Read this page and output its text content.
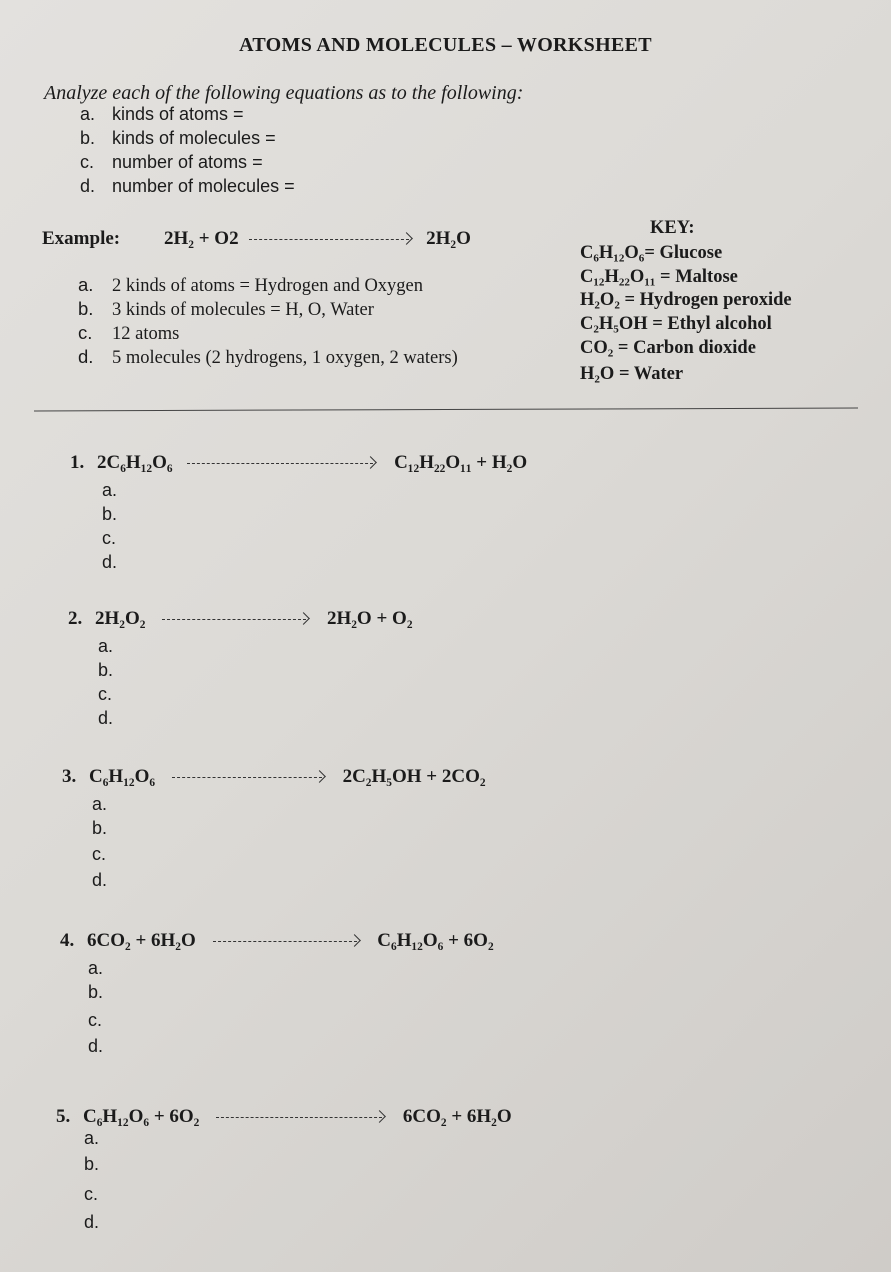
ATOMS AND MOLECULES – WORKSHEET
Analyze each of the following equations as to the following:
a. kinds of atoms =
b. kinds of molecules =
c. number of atoms =
d. number of molecules =
Example: 2H₂ + O2	2H₂O
a. 2 kinds of atoms = Hydrogen and Oxygen
b. 3 kinds of molecules = H, O, Water
c. 12 atoms
d. 5 molecules (2 hydrogens, 1 oxygen, 2 waters)
KEY:
C₆H₁₂O₆= Glucose
C₁₂H₂₂O₁₁ = Maltose
H₂O₂ = Hydrogen peroxide
C₂H₅OH = Ethyl alcohol
CO₂ = Carbon dioxide
H₂O = Water
1. 2C₆H₁₂O₆	C₁₂H₂₂O₁₁ + H₂O
a.
b.
c.
d.
2. 2H₂O₂	2H₂O + O₂
a.
b.
c.
d.
3. C₆H₁₂O₆	2C₂H₅OH + 2CO₂
a.
b.
c.
d.
4. 6CO₂ + 6H₂O	C₆H₁₂O₆ + 6O₂
a.
b.
c.
d.
5. C₆H₁₂O₆ + 6O₂	6CO₂ + 6H₂O
a.
b.
c.
d.
